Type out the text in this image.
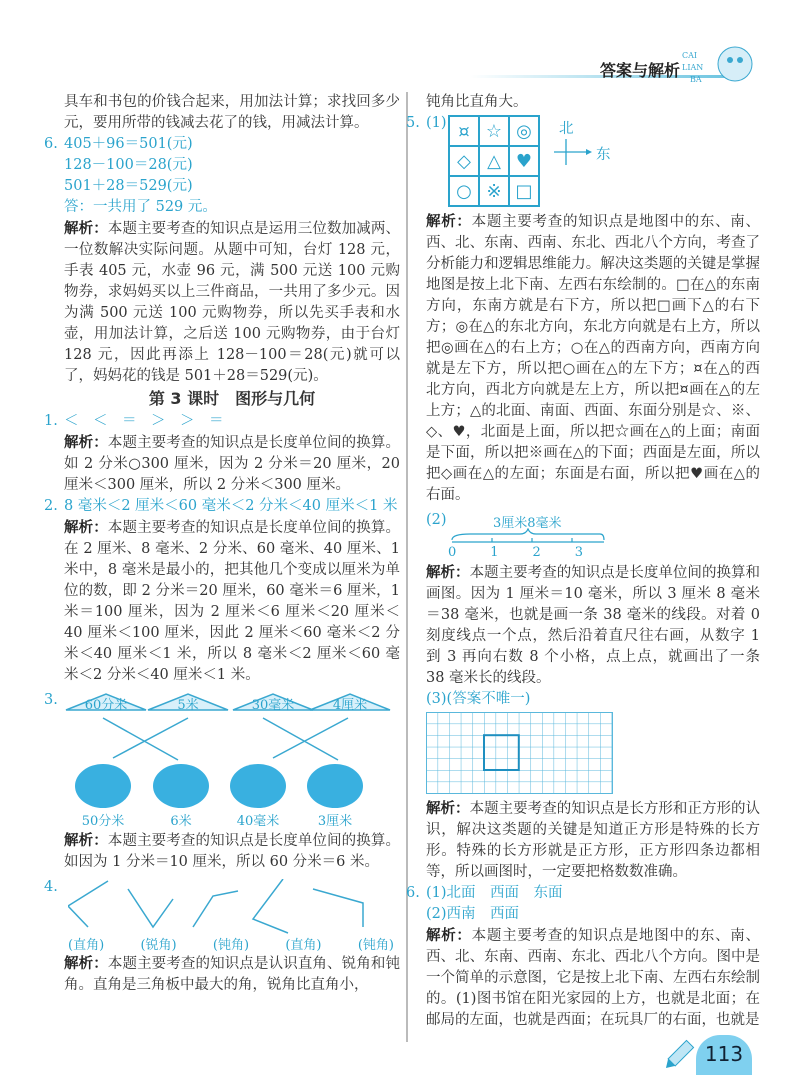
答案与解析
CAI
LIAN
BA
具车和书包的价钱合起来，用加法计算；求找回多少元，要用所带的钱减去花了的钱，用减法计算。
6. 405＋96＝501(元)
128－100＝28(元)
501＋28＝529(元)
答：一共用了 529 元。
解析：本题主要考查的知识点是运用三位数加减两、一位数解决实际问题。从题中可知，台灯 128 元，手表 405 元，水壶 96 元，满 500 元送 100 元购物券，求妈妈买以上三件商品，一共用了多少元。因为满 500 元送 100 元购物券，所以先买手表和水壶，用加法计算，之后送 100 元购物券，由于台灯 128 元，因此再添上 128－100＝28(元)就可以了，妈妈花的钱是 501＋28＝529(元)。
第 3 课时　图形与几何
1. ＜　＜　＝　＞　＞　＝
解析：本题主要考查的知识点是长度单位间的换算。如 2 分米○300 厘米，因为 2 分米＝20 厘米，20 厘米＜300 厘米，所以 2 分米＜300 厘米。
2. 8 毫米＜2 厘米＜60 毫米＜2 分米＜40 厘米＜1 米
解析：本题主要考查的知识点是长度单位间的换算。在 2 厘米、8 毫米、2 分米、60 毫米、40 厘米、1 米中，8 毫米是最小的，把其他几个变成以厘米为单位的数，即 2 分米＝20 厘米，60 毫米＝6 厘米，1 米＝100 厘米，因为 2 厘米＜6 厘米＜20 厘米＜40 厘米＜100 厘米，因此 2 厘米＜60 毫米＜2 分米＜40 厘米＜1 米，所以 8 毫米＜2 厘米＜60 毫米＜2 分米＜40 厘米＜1 米。
3.	60分米	5米	30毫米	4厘米
50分米	6米	40毫米	3厘米
解析：本题主要考查的知识点是长度单位间的换算。如因为 1 分米＝10 厘米，所以 60 分米＝6 米。
4.
(直角)	(锐角)	(钝角)	(直角)	(钝角)
解析：本题主要考查的知识点是认识直角、锐角和钝角。直角是三角板中最大的角，锐角比直角小，
钝角比直角大。
5. (1) ¤ ☆ ◎
◇ △ ♥
○ ※ □
北
东
解析：本题主要考查的知识点是地图中的东、南、西、北、东南、西南、东北、西北八个方向，考查了分析能力和逻辑思维能力。解决这类题的关键是掌握地图是按上北下南、左西右东绘制的。□在△的东南方向，东南方就是右下方，所以把□画下△的右下方；◎在△的东北方向，东北方向就是右上方，所以把◎画在△的右上方；○在△的西南方向，西南方向就是左下方，所以把○画在△的左下方；¤在△的西北方向，西北方向就是左上方，所以把¤画在△的左上方；△的北面、南面、西面、东面分别是☆、※、◇、♥，北面是上面，所以把☆画在△的上面；南面是下面，所以把※画在△的下面；西面是左面，所以把◇画在△的左面；东面是右面，所以把♥画在△的右面。
(2)	3厘米8毫米
0	1	2	3
解析：本题主要考查的知识点是长度单位间的换算和画图。因为 1 厘米＝10 毫米，所以 3 厘米 8 毫米＝38 毫米，也就是画一条 38 毫米的线段。对着 0 刻度线点一个点，然后沿着直尺往右画，从数字 1 到 3 再向右数 8 个小格，点上点，就画出了一条 38 毫米长的线段。
(3)(答案不唯一)
解析：本题主要考查的知识点是长方形和正方形的认识，解决这类题的关键是知道正方形是特殊的长方形。特殊的长方形就是正方形，正方形四条边都相等，所以画图时，一定要把格数数准确。
6. (1)北面　西面　东面
(2)西南　西面
解析：本题主要考查的知识点是地图中的东、南、西、北、东南、西南、东北、西北八个方向。图中是一个简单的示意图，它是按上北下南、左西右东绘制的。(1)图书馆在阳光家园的上方，也就是北面；在邮局的左面，也就是西面；在玩具厂的右面，也就是
113
